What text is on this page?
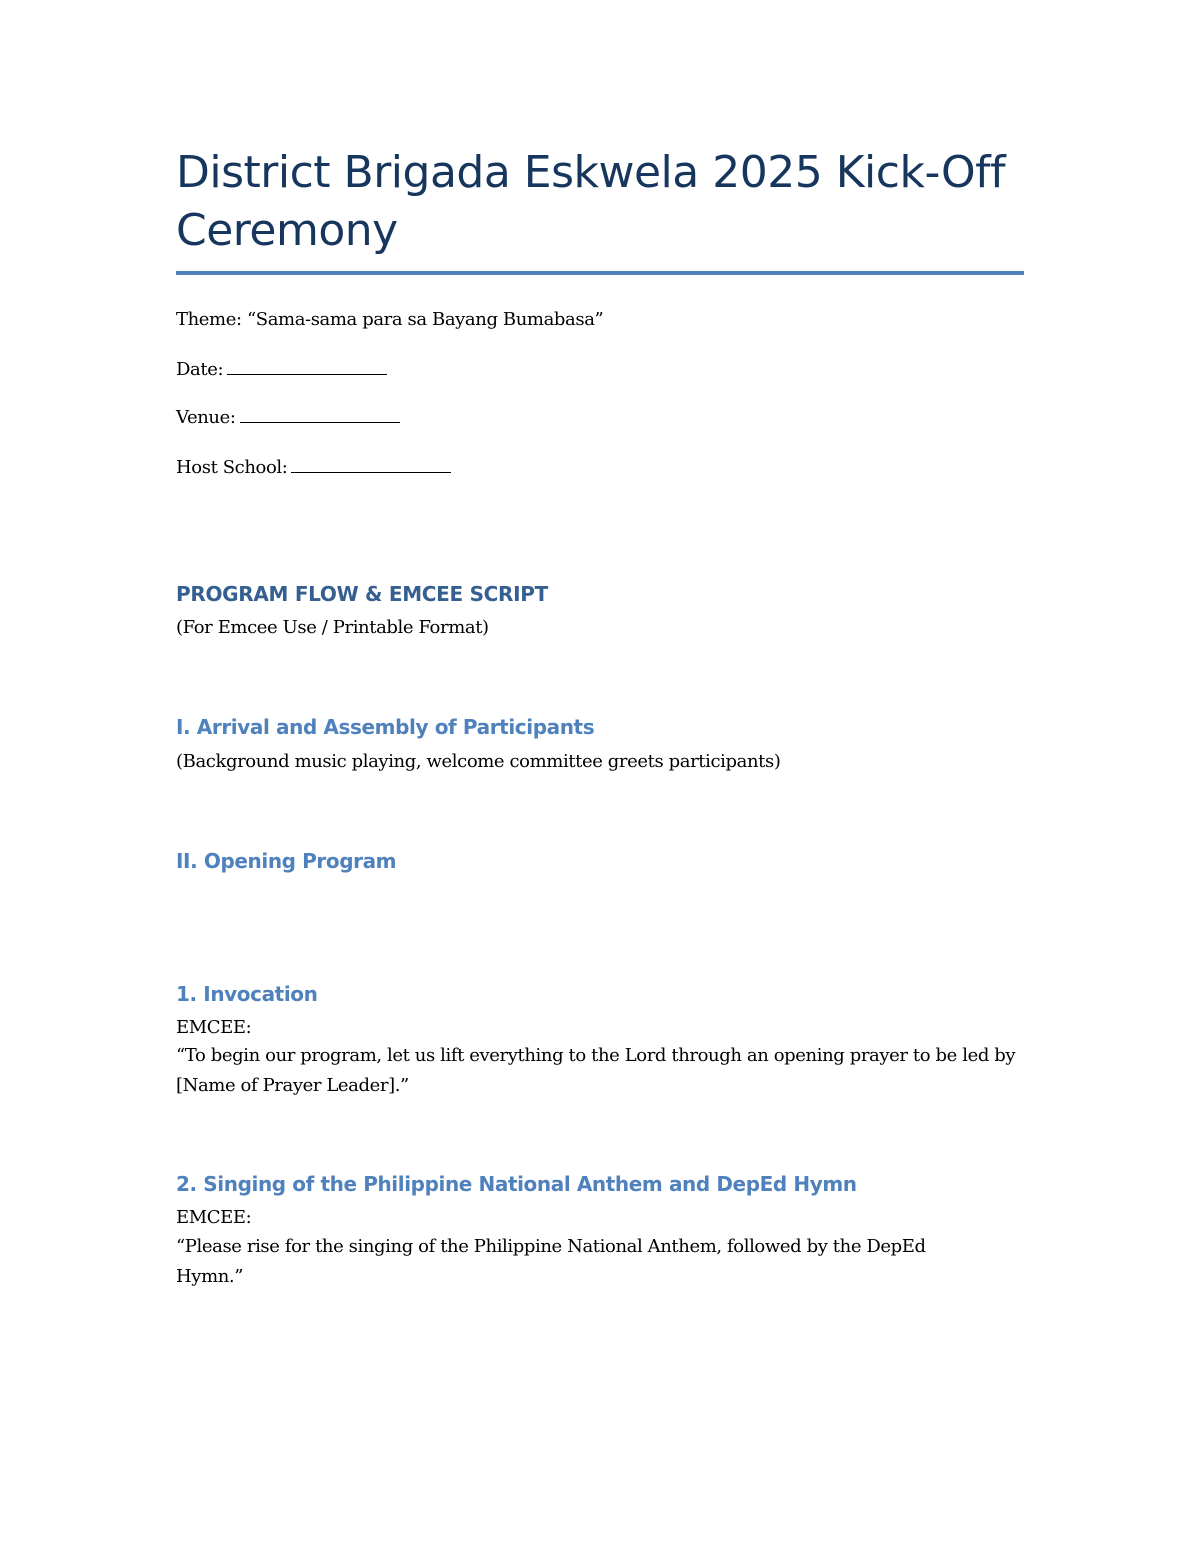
District Brigada Eskwela 2025 Kick-Off Ceremony

Theme: “Sama-sama para sa Bayang Bumabasa”

Date:

Venue:

Host School:

PROGRAM FLOW & EMCEE SCRIPT

(For Emcee Use / Printable Format)

I. Arrival and Assembly of Participants

(Background music playing, welcome committee greets participants)

II. Opening Program
1. Invocation

EMCEE:

“To begin our program, let us lift everything to the Lord through an opening prayer to be led by [Name of Prayer Leader].”

2. Singing of the Philippine National Anthem and DepEd Hymn

EMCEE:

“Please rise for the singing of the Philippine National Anthem, followed by the DepEd Hymn.”
